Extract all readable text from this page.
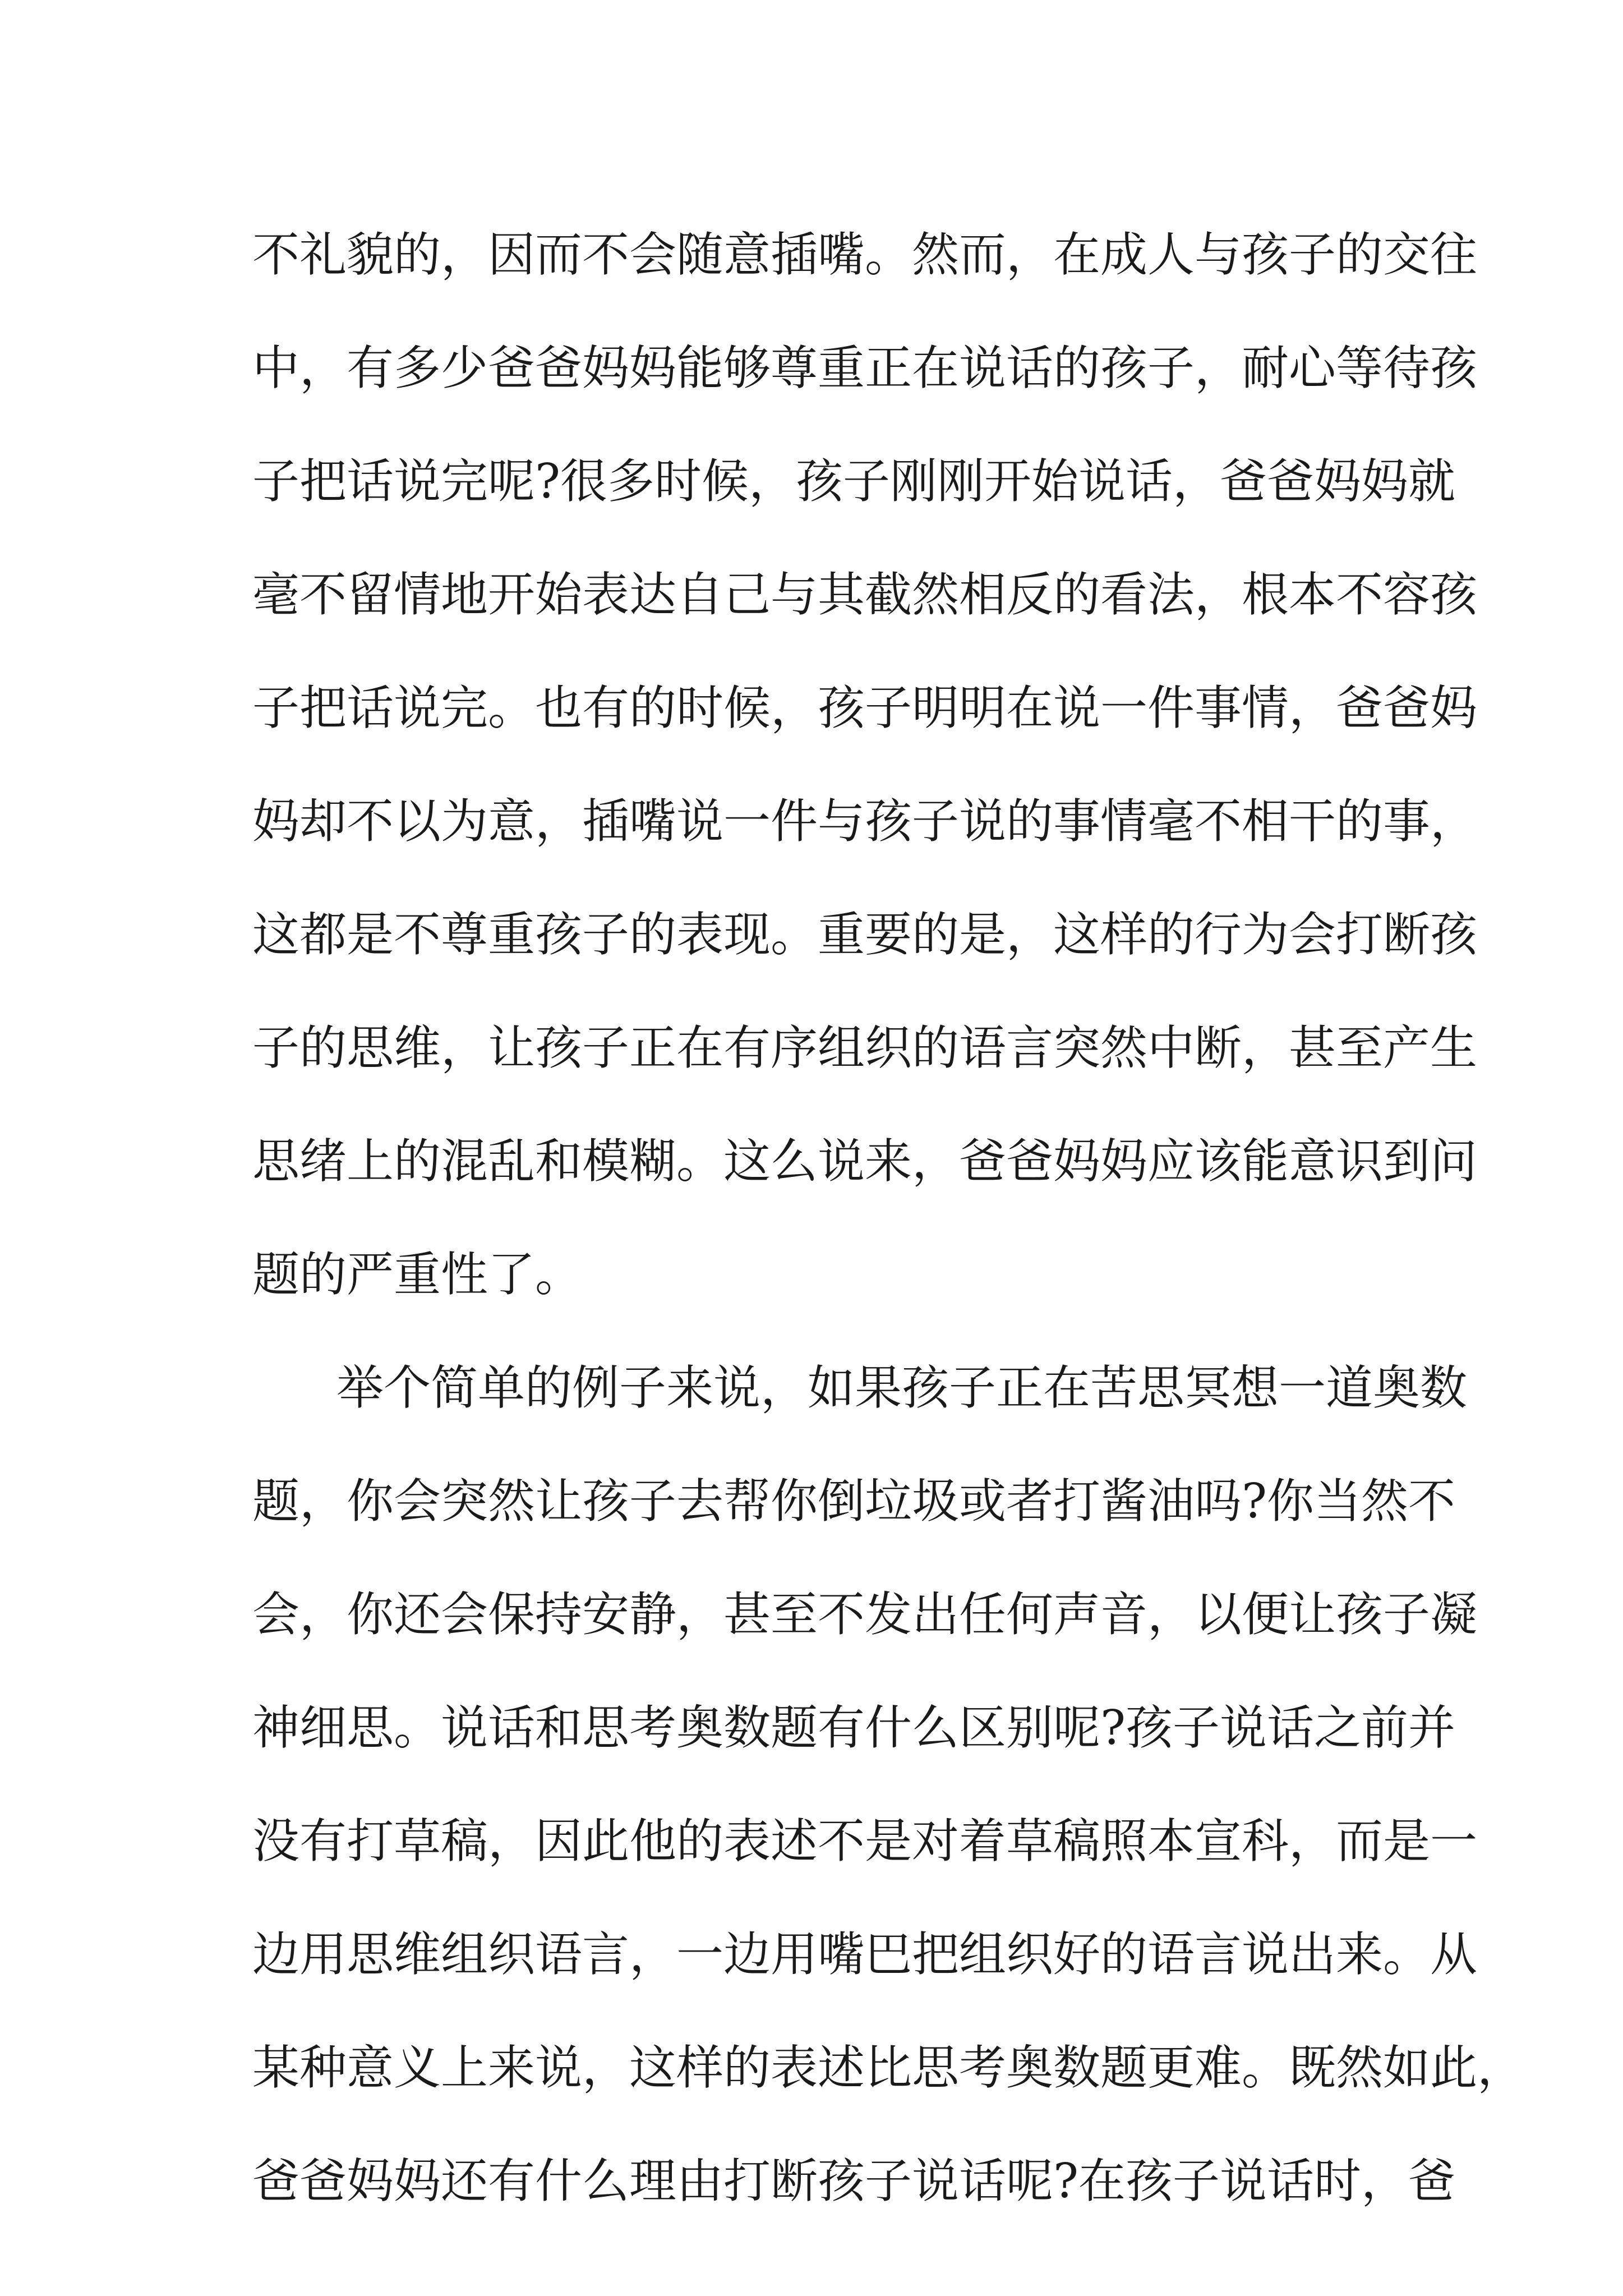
不礼貌的，因而不会随意插嘴。然而，在成人与孩子的交往
中，有多少爸爸妈妈能够尊重正在说话的孩子，耐心等待孩
子把话说完呢?很多时候，孩子刚刚开始说话，爸爸妈妈就
毫不留情地开始表达自己与其截然相反的看法，根本不容孩
子把话说完。也有的时候，孩子明明在说一件事情，爸爸妈
妈却不以为意，插嘴说一件与孩子说的事情毫不相干的事，
这都是不尊重孩子的表现。重要的是，这样的行为会打断孩
子的思维，让孩子正在有序组织的语言突然中断，甚至产生
思绪上的混乱和模糊。这么说来，爸爸妈妈应该能意识到问
题的严重性了。
举个简单的例子来说，如果孩子正在苦思冥想一道奥数
题，你会突然让孩子去帮你倒垃圾或者打酱油吗?你当然不
会，你还会保持安静，甚至不发出任何声音，以便让孩子凝
神细思。说话和思考奥数题有什么区别呢?孩子说话之前并
没有打草稿，因此他的表述不是对着草稿照本宣科，而是一
边用思维组织语言，一边用嘴巴把组织好的语言说出来。从
某种意义上来说，这样的表述比思考奥数题更难。既然如此，
爸爸妈妈还有什么理由打断孩子说话呢?在孩子说话时，爸
